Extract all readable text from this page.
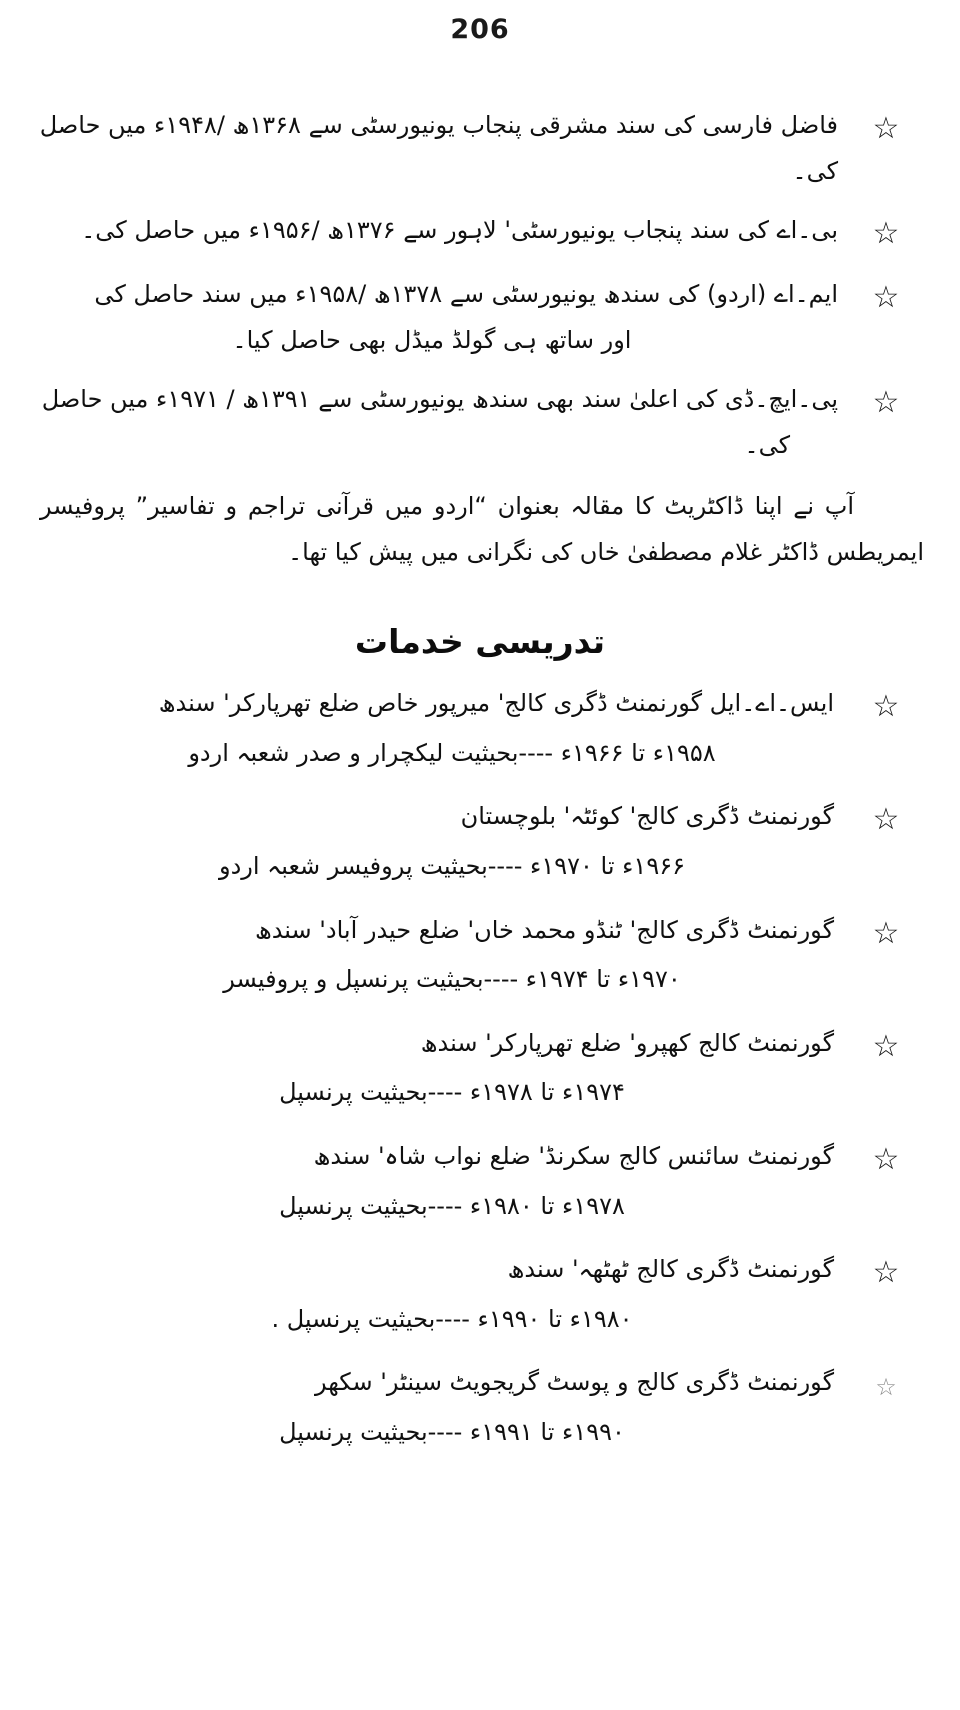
206
☆
فاضل فارسی کی سند مشرقی پنجاب یونیورسٹی سے ۱۳۶۸ھ /۱۹۴۸ء میں حاصل کی۔
☆
بی۔اے کی سند پنجاب یونیورسٹی' لاہور سے ۱۳۷۶ھ /۱۹۵۶ء میں حاصل کی۔
☆
ایم۔اے (اردو) کی سندھ یونیورسٹی سے ۱۳۷۸ھ /۱۹۵۸ء میں سند حاصل کی
اور ساتھ ہی گولڈ میڈل بھی حاصل کیا۔
☆
پی۔ایچ۔ڈی کی اعلیٰ سند بھی سندھ یونیورسٹی سے ۱۳۹۱ھ / ۱۹۷۱ء میں حاصل
کی۔
آپ نے اپنا ڈاکٹریٹ کا مقالہ بعنوان “اردو میں قرآنی تراجم و تفاسیر” پروفیسر ایمریطس ڈاکٹر غلام مصطفیٰ خاں کی نگرانی میں پیش کیا تھا۔
تدریسی خدمات
☆
ایس۔اے۔ایل گورنمنٹ ڈگری کالج' میرپور خاص ضلع تھرپارکر' سندھ
۱۹۵۸ء تا ۱۹۶۶ء ----بحیثیت لیکچرار و صدر شعبہ اردو
☆
گورنمنٹ ڈگری کالج' کوئٹہ' بلوچستان
۱۹۶۶ء تا ۱۹۷۰ء ----بحیثیت پروفیسر شعبہ اردو
☆
گورنمنٹ ڈگری کالج' ٹنڈو محمد خاں' ضلع حیدر آباد' سندھ
۱۹۷۰ء تا ۱۹۷۴ء ----بحیثیت پرنسپل و پروفیسر
☆
گورنمنٹ کالج کھپرو' ضلع تھرپارکر' سندھ
۱۹۷۴ء تا ۱۹۷۸ء ----بحیثیت پرنسپل
☆
گورنمنٹ سائنس کالج سکرنڈ' ضلع نواب شاہ' سندھ
۱۹۷۸ء تا ۱۹۸۰ء ----بحیثیت پرنسپل
☆
گورنمنٹ ڈگری کالج ٹھٹھہ' سندھ
۱۹۸۰ء تا ۱۹۹۰ء ----بحیثیت پرنسپل .
☆
گورنمنٹ ڈگری کالج و پوسٹ گریجویٹ سینٹر' سکھر
۱۹۹۰ء تا ۱۹۹۱ء ----بحیثیت پرنسپل
